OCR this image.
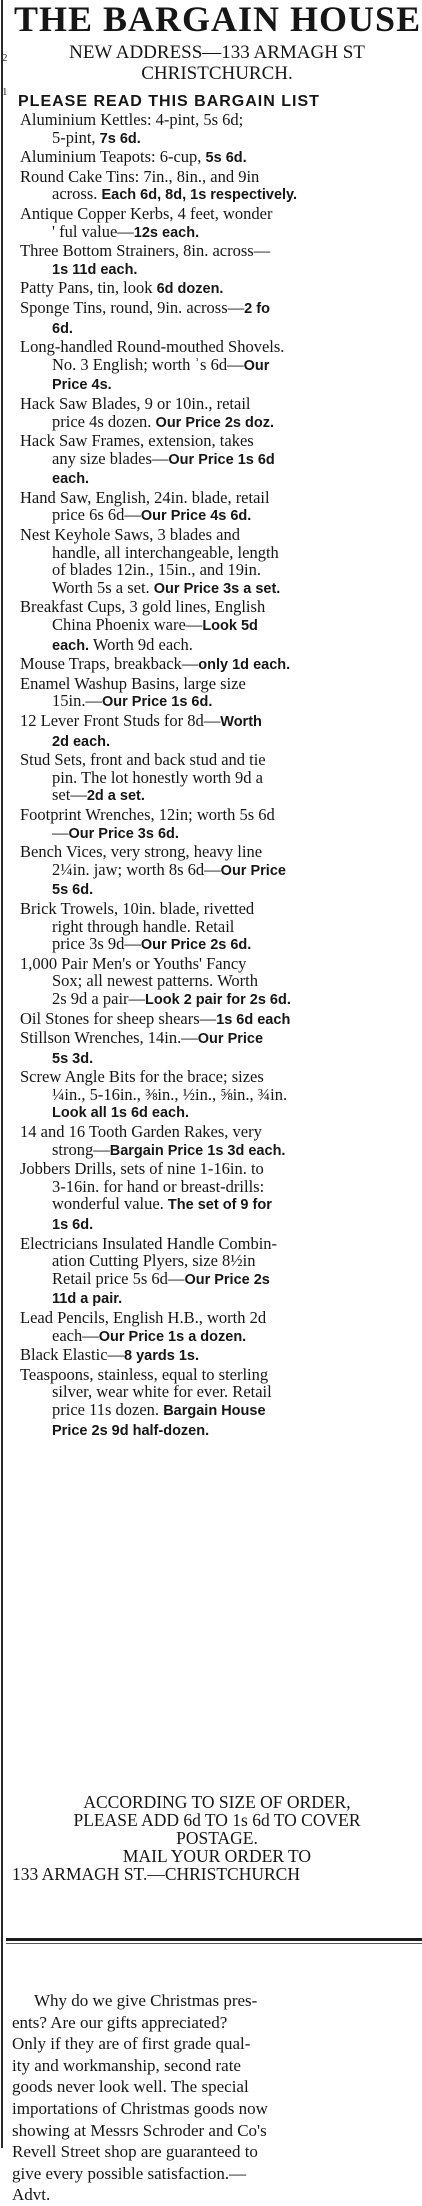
2
1
THE BARGAIN HOUSE
NEW ADDRESS—133 ARMAGH ST
CHRISTCHURCH.
PLEASE READ THIS BARGAIN LIST
Aluminium Kettles: 4-pint, 5s 6d;
5-pint, 7s 6d.
Aluminium Teapots: 6-cup, 5s 6d.
Round Cake Tins: 7in., 8in., and 9in
across. Each 6d, 8d, 1s respectively.
Antique Copper Kerbs, 4 feet, wonder
' ful value—12s each.
Three Bottom Strainers, 8in. across—
1s 11d each.
Patty Pans, tin, look 6d dozen.
Sponge Tins, round, 9in. across—2 fo
6d.
Long-handled Round-mouthed Shovels.
No. 3 English; worth ʾs 6d—Our
Price 4s.
Hack Saw Blades, 9 or 10in., retail
price 4s dozen. Our Price 2s doz.
Hack Saw Frames, extension, takes
any size blades—Our Price 1s 6d
each.
Hand Saw, English, 24in. blade, retail
price 6s 6d—Our Price 4s 6d.
Nest Keyhole Saws, 3 blades and
handle, all interchangeable, length
of blades 12in., 15in., and 19in.
Worth 5s a set. Our Price 3s a set.
Breakfast Cups, 3 gold lines, English
China Phoenix ware—Look 5d
each. Worth 9d each.
Mouse Traps, breakback—only 1d each.
Enamel Washup Basins, large size
15in.—Our Price 1s 6d.
12 Lever Front Studs for 8d—Worth
2d each.
Stud Sets, front and back stud and tie
pin. The lot honestly worth 9d a
set—2d a set.
Footprint Wrenches, 12in; worth 5s 6d
—Our Price 3s 6d.
Bench Vices, very strong, heavy line
2¼in. jaw; worth 8s 6d—Our Price
5s 6d.
Brick Trowels, 10in. blade, rivetted
right through handle. Retail
price 3s 9d—Our Price 2s 6d.
1,000 Pair Men's or Youths' Fancy
Sox; all newest patterns. Worth
2s 9d a pair—Look 2 pair for 2s 6d.
Oil Stones for sheep shears—1s 6d each
Stillson Wrenches, 14in.—Our Price
5s 3d.
Screw Angle Bits for the brace; sizes
¼in., 5-16in., ⅜in., ½in., ⅝in., ¾in.
Look all 1s 6d each.
14 and 16 Tooth Garden Rakes, very
strong—Bargain Price 1s 3d each.
Jobbers Drills, sets of nine 1-16in. to
3-16in. for hand or breast-drills:
wonderful value. The set of 9 for
1s 6d.
Electricians Insulated Handle Combin-
ation Cutting Plyers, size 8½in
Retail price 5s 6d—Our Price 2s
11d a pair.
Lead Pencils, English H.B., worth 2d
each—Our Price 1s a dozen.
Black Elastic—8 yards 1s.
Teaspoons, stainless, equal to sterling
silver, wear white for ever. Retail
price 11s dozen. Bargain House
Price 2s 9d half-dozen.
ACCORDING TO SIZE OF ORDER,
PLEASE ADD 6d TO 1s 6d TO COVER
POSTAGE.
MAIL YOUR ORDER TO
133 ARMAGH ST.—CHRISTCHURCH
Why do we give Christmas pres-
ents? Are our gifts appreciated?
Only if they are of first grade qual-
ity and workmanship, second rate
goods never look well. The special
importations of Christmas goods now
showing at Messrs Schroder and Co's
Revell Street shop are guaranteed to
give every possible satisfaction.—
Advt.
